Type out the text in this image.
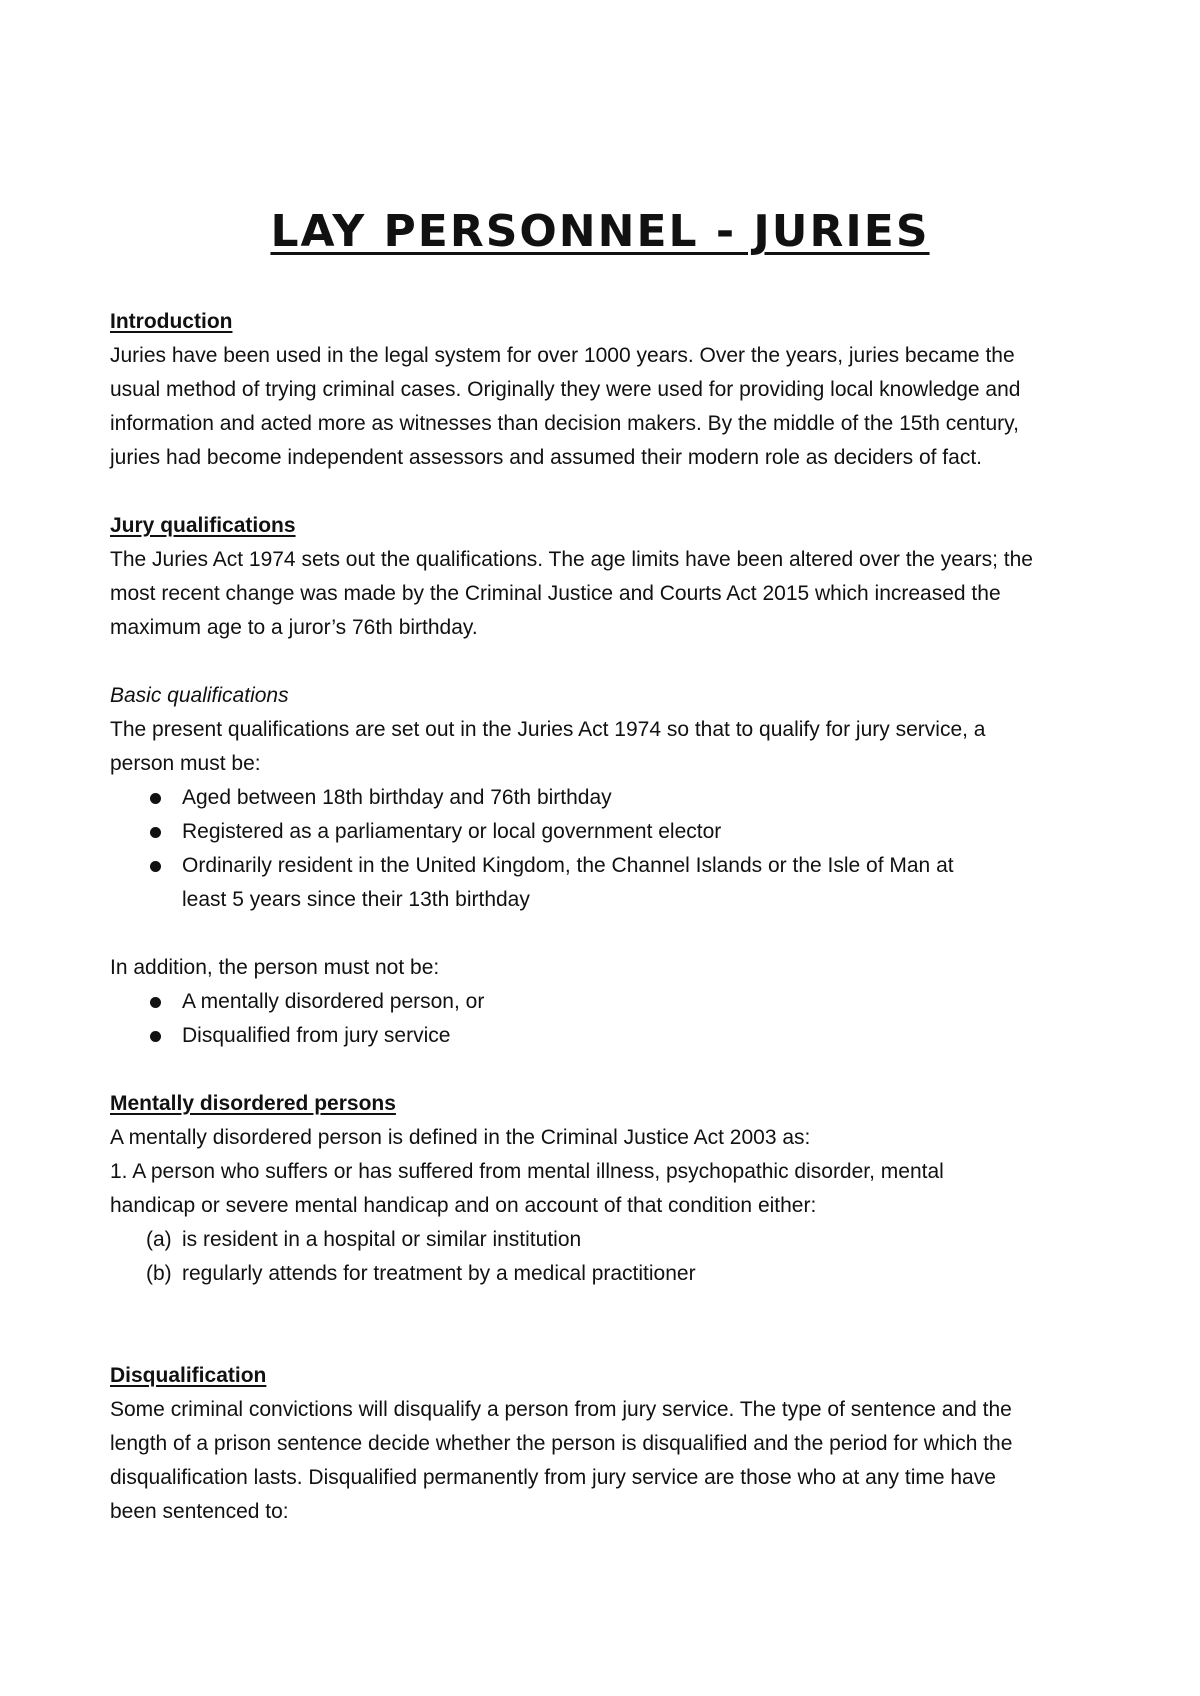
LAY PERSONNEL - JURIES

Introduction

Juries have been used in the legal system for over 1000 years. Over the years, juries became the

usual method of trying criminal cases. Originally they were used for providing local knowledge and

information and acted more as witnesses than decision makers. By the middle of the 15th century,

juries had become independent assessors and assumed their modern role as deciders of fact.

Jury qualifications

The Juries Act 1974 sets out the qualifications. The age limits have been altered over the years; the

most recent change was made by the Criminal Justice and Courts Act 2015 which increased the

maximum age to a juror’s 76th birthday.

Basic qualifications

The present qualifications are set out in the Juries Act 1974 so that to qualify for jury service, a

person must be:

Aged between 18th birthday and 76th birthday
Registered as a parliamentary or local government elector
Ordinarily resident in the United Kingdom, the Channel Islands or the Isle of Man at least 5 years since their 13th birthday

In addition, the person must not be:

A mentally disordered person, or
Disqualified from jury service

Mentally disordered persons

A mentally disordered person is defined in the Criminal Justice Act 2003 as:

1. A person who suffers or has suffered from mental illness, psychopathic disorder, mental

handicap or severe mental handicap and on account of that condition either:

(a) is resident in a hospital or similar institution
(b) regularly attends for treatment by a medical practitioner

Disqualification

Some criminal convictions will disqualify a person from jury service. The type of sentence and the

length of a prison sentence decide whether the person is disqualified and the period for which the

disqualification lasts. Disqualified permanently from jury service are those who at any time have

been sentenced to:
